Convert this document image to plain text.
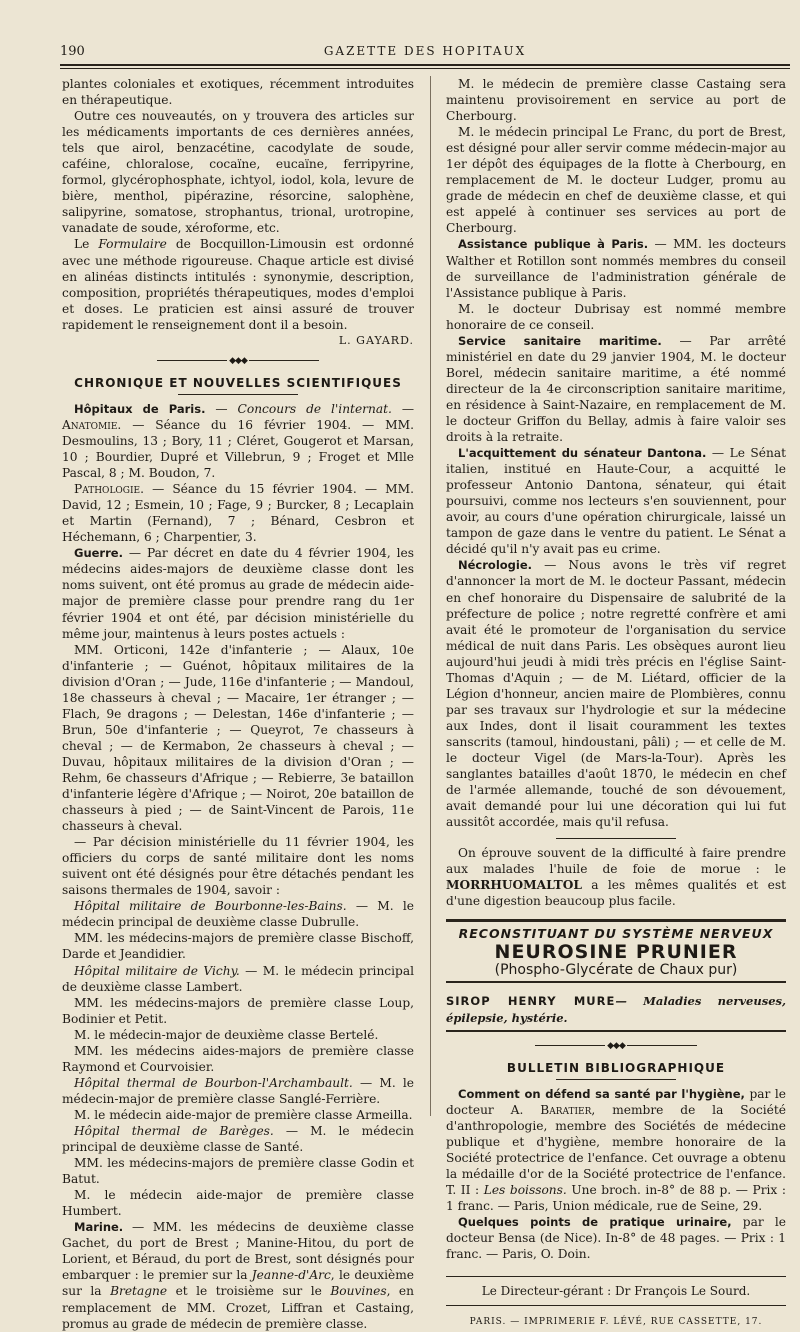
190	GAZETTE DES HOPITAUX

plantes coloniales et exotiques, récemment introduites en thérapeutique.

Outre ces nouveautés, on y trouvera des articles sur les médicaments importants de ces dernières années, tels que airol, benzacétine, cacodylate de soude, caféine, chloralose, cocaïne, eucaïne, ferripyrine, formol, glycérophosphate, ichtyol, iodol, kola, levure de bière, menthol, pipérazine, résorcine, salophène, salipyrine, somatose, strophantus, trional, urotropine, vanadate de soude, xéroforme, etc.

Le Formulaire de Bocquillon-Limousin est ordonné avec une méthode rigoureuse. Chaque article est divisé en alinéas distincts intitulés : synonymie, description, composition, propriétés thérapeutiques, modes d'emploi et doses. Le praticien est ainsi assuré de trouver rapidement le renseignement dont il a besoin.

L. GAYARD.
◆◆◆
CHRONIQUE ET NOUVELLES SCIENTIFIQUES

Hôpitaux de Paris. — Concours de l'internat. — Anatomie. — Séance du 16 février 1904. — MM. Desmoulins, 13 ; Bory, 11 ; Cléret, Gougerot et Marsan, 10 ; Bourdier, Dupré et Villebrun, 9 ; Froget et Mlle Pascal, 8 ; M. Boudon, 7.

Pathologie. — Séance du 15 février 1904. — MM. David, 12 ; Esmein, 10 ; Fage, 9 ; Burcker, 8 ; Lecaplain et Martin (Fernand), 7 ; Bénard, Cesbron et Héchemann, 6 ; Charpentier, 3.

Guerre. — Par décret en date du 4 février 1904, les médecins aides-majors de deuxième classe dont les noms suivent, ont été promus au grade de médecin aide-major de première classe pour prendre rang du 1er février 1904 et ont été, par décision ministérielle du même jour, maintenus à leurs postes actuels :

MM. Orticoni, 142e d'infanterie ; — Alaux, 10e d'infanterie ; — Guénot, hôpitaux militaires de la division d'Oran ; — Jude, 116e d'infanterie ; — Mandoul, 18e chasseurs à cheval ; — Macaire, 1er étranger ; — Flach, 9e dragons ; — Delestan, 146e d'infanterie ; — Brun, 50e d'infanterie ; — Queyrot, 7e chasseurs à cheval ; — de Kermabon, 2e chasseurs à cheval ; — Duvau, hôpitaux militaires de la division d'Oran ; — Rehm, 6e chasseurs d'Afrique ; — Rebierre, 3e bataillon d'infanterie légère d'Afrique ; — Noirot, 20e bataillon de chasseurs à pied ; — de Saint-Vincent de Parois, 11e chasseurs à cheval.

— Par décision ministérielle du 11 février 1904, les officiers du corps de santé militaire dont les noms suivent ont été désignés pour être détachés pendant les saisons thermales de 1904, savoir :

Hôpital militaire de Bourbonne-les-Bains. — M. le médecin principal de deuxième classe Dubrulle.

MM. les médecins-majors de première classe Bischoff, Darde et Jeandidier.

Hôpital militaire de Vichy. — M. le médecin principal de deuxième classe Lambert.

MM. les médecins-majors de première classe Loup, Bodinier et Petit.

M. le médecin-major de deuxième classe Bertelé.

MM. les médecins aides-majors de première classe Raymond et Courvoisier.

Hôpital thermal de Bourbon-l'Archambault. — M. le médecin-major de première classe Sanglé-Ferrière.

M. le médecin aide-major de première classe Armeilla.

Hôpital thermal de Barèges. — M. le médecin principal de deuxième classe de Santé.

MM. les médecins-majors de première classe Godin et Batut.

M. le médecin aide-major de première classe Humbert.

Marine. — MM. les médecins de deuxième classe Gachet, du port de Brest ; Manine-Hitou, du port de Lorient, et Béraud, du port de Brest, sont désignés pour embarquer : le premier sur la Jeanne-d'Arc, le deuxième sur la Bretagne et le troisième sur le Bouvines, en remplacement de MM. Crozet, Liffran et Castaing, promus au grade de médecin de première classe.

M. le médecin de première classe Castaing sera maintenu provisoirement en service au port de Cherbourg.

M. le médecin principal Le Franc, du port de Brest, est désigné pour aller servir comme médecin-major au 1er dépôt des équipages de la flotte à Cherbourg, en remplacement de M. le docteur Ludger, promu au grade de médecin en chef de deuxième classe, et qui est appelé à continuer ses services au port de Cherbourg.

Assistance publique à Paris. — MM. les docteurs Walther et Rotillon sont nommés membres du conseil de surveillance de l'administration générale de l'Assistance publique à Paris.

M. le docteur Dubrisay est nommé membre honoraire de ce conseil.

Service sanitaire maritime. — Par arrêté ministériel en date du 29 janvier 1904, M. le docteur Borel, médecin sanitaire maritime, a été nommé directeur de la 4e circonscription sanitaire maritime, en résidence à Saint-Nazaire, en remplacement de M. le docteur Griffon du Bellay, admis à faire valoir ses droits à la retraite.

L'acquittement du sénateur Dantona. — Le Sénat italien, institué en Haute-Cour, a acquitté le professeur Antonio Dantona, sénateur, qui était poursuivi, comme nos lecteurs s'en souviennent, pour avoir, au cours d'une opération chirurgicale, laissé un tampon de gaze dans le ventre du patient. Le Sénat a décidé qu'il n'y avait pas eu crime.

Nécrologie. — Nous avons le très vif regret d'annoncer la mort de M. le docteur Passant, médecin en chef honoraire du Dispensaire de salubrité de la préfecture de police ; notre regretté confrère et ami avait été le promoteur de l'organisation du service médical de nuit dans Paris. Les obsèques auront lieu aujourd'hui jeudi à midi très précis en l'église Saint-Thomas d'Aquin ; — de M. Liétard, officier de la Légion d'honneur, ancien maire de Plombières, connu par ses travaux sur l'hydrologie et sur la médecine aux Indes, dont il lisait couramment les textes sanscrits (tamoul, hindoustani, pâli) ; — et celle de M. le docteur Vigel (de Mars-la-Tour). Après les sanglantes batailles d'août 1870, le médecin en chef de l'armée allemande, touché de son dévouement, avait demandé pour lui une décoration qui lui fut aussitôt accordée, mais qu'il refusa.

On éprouve souvent de la difficulté à faire prendre aux malades l'huile de foie de morue : le MORRHUOMALTOL a les mêmes qualités et est d'une digestion beaucoup plus facile.

RECONSTITUANT DU SYSTÈME NERVEUX
NEUROSINE PRUNIER
(Phospho-Glycérate de Chaux pur)
SIROP HENRY MURE— Maladies nerveuses, épilepsie, hystérie.
◆◆◆
BULLETIN BIBLIOGRAPHIQUE

Comment on défend sa santé par l'hygiène, par le docteur A. Baratier, membre de la Société d'anthropologie, membre des Sociétés de médecine publique et d'hygiène, membre honoraire de la Société protectrice de l'enfance. Cet ouvrage a obtenu la médaille d'or de la Société protectrice de l'enfance. T. II : Les boissons. Une broch. in-8° de 88 p. — Prix : 1 franc. — Paris, Union médicale, rue de Seine, 29.

Quelques points de pratique urinaire, par le docteur Bensa (de Nice). In-8° de 48 pages. — Prix : 1 franc. — Paris, O. Doin.

Le Directeur-gérant : Dr François Le Sourd.
PARIS. — IMPRIMERIE F. LÉVÉ, RUE CASSETTE, 17.
